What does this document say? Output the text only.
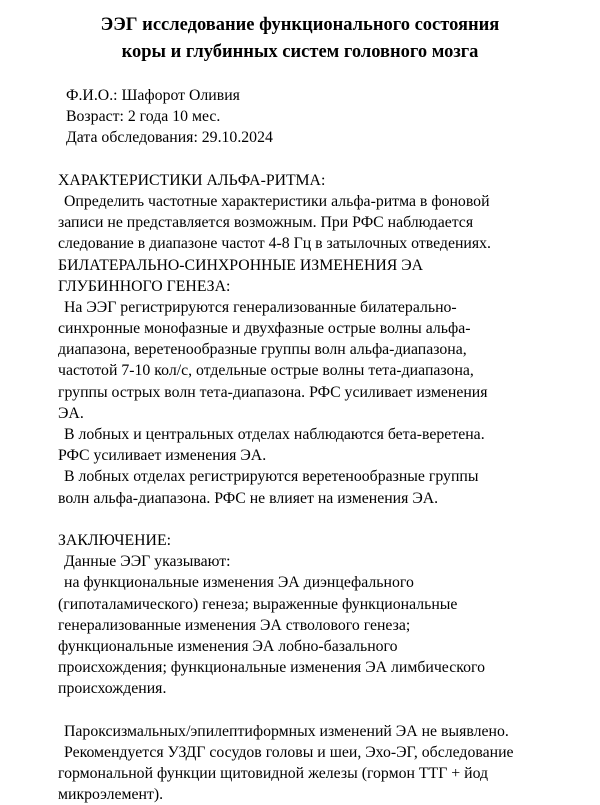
ЭЭГ исследование функционального состояния
коры и глубинных систем головного мозга
Ф.И.О.: Шафорот Оливия
Возраст: 2 года 10 мес.
Дата обследования: 29.10.2024
ХАРАКТЕРИСТИКИ АЛЬФА-РИТМА:
Определить частотные характеристики альфа-ритма в фоновой
записи не представляется возможным. При РФС наблюдается
следование в диапазоне частот 4-8 Гц в затылочных отведениях.
БИЛАТЕРАЛЬНО-СИНХРОННЫЕ ИЗМЕНЕНИЯ ЭА
ГЛУБИННОГО ГЕНЕЗА:
На ЭЭГ регистрируются генерализованные билатерально-
синхронные монофазные и двухфазные острые волны альфа-
диапазона, веретенообразные группы волн альфа-диапазона,
частотой 7-10 кол/с, отдельные острые волны тета-диапазона,
группы острых волн тета-диапазона. РФС усиливает изменения
ЭА.
В лобных и центральных отделах наблюдаются бета-веретена.
РФС усиливает изменения ЭА.
В лобных отделах регистрируются веретенообразные группы
волн альфа-диапазона. РФС не влияет на изменения ЭА.
ЗАКЛЮЧЕНИЕ:
Данные ЭЭГ указывают:
на функциональные изменения ЭА диэнцефального
(гипоталамического) генеза; выраженные функциональные
генерализованные изменения ЭА стволового генеза;
функциональные изменения ЭА лобно-базального
происхождения; функциональные изменения ЭА лимбического
происхождения.
Пароксизмальных/эпилептиформных изменений ЭА не выявлено.
Рекомендуется УЗДГ сосудов головы и шеи, Эхо-ЭГ, обследование
гормональной функции щитовидной железы (гормон ТТГ + йод
микроэлемент).
